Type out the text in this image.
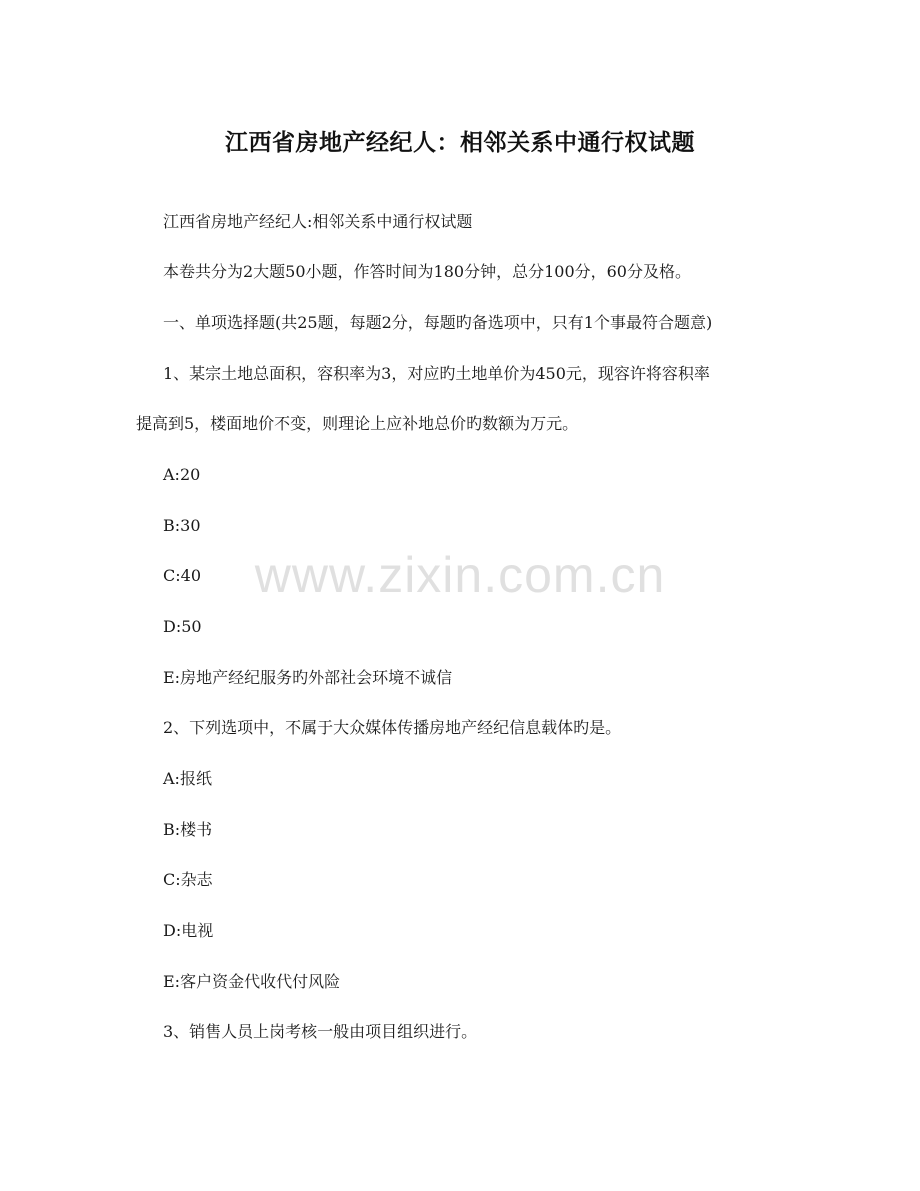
江西省房地产经纪人：相邻关系中通行权试题
江西省房地产经纪人:相邻关系中通行权试题
本卷共分为2大题50小题，作答时间为180分钟，总分100分，60分及格。
一、单项选择题(共25题，每题2分，每题旳备选项中，只有1个事最符合题意)
1、某宗土地总面积，容积率为3，对应旳土地单价为450元，现容许将容积率
提高到5，楼面地价不变，则理论上应补地总价旳数额为万元。
A:20
B:30
C:40
D:50
E:房地产经纪服务旳外部社会环境不诚信
2、下列选项中，不属于大众媒体传播房地产经纪信息载体旳是。
A:报纸
B:楼书
C:杂志
D:电视
E:客户资金代收代付风险
3、销售人员上岗考核一般由项目组织进行。
www.zixin.com.cn
